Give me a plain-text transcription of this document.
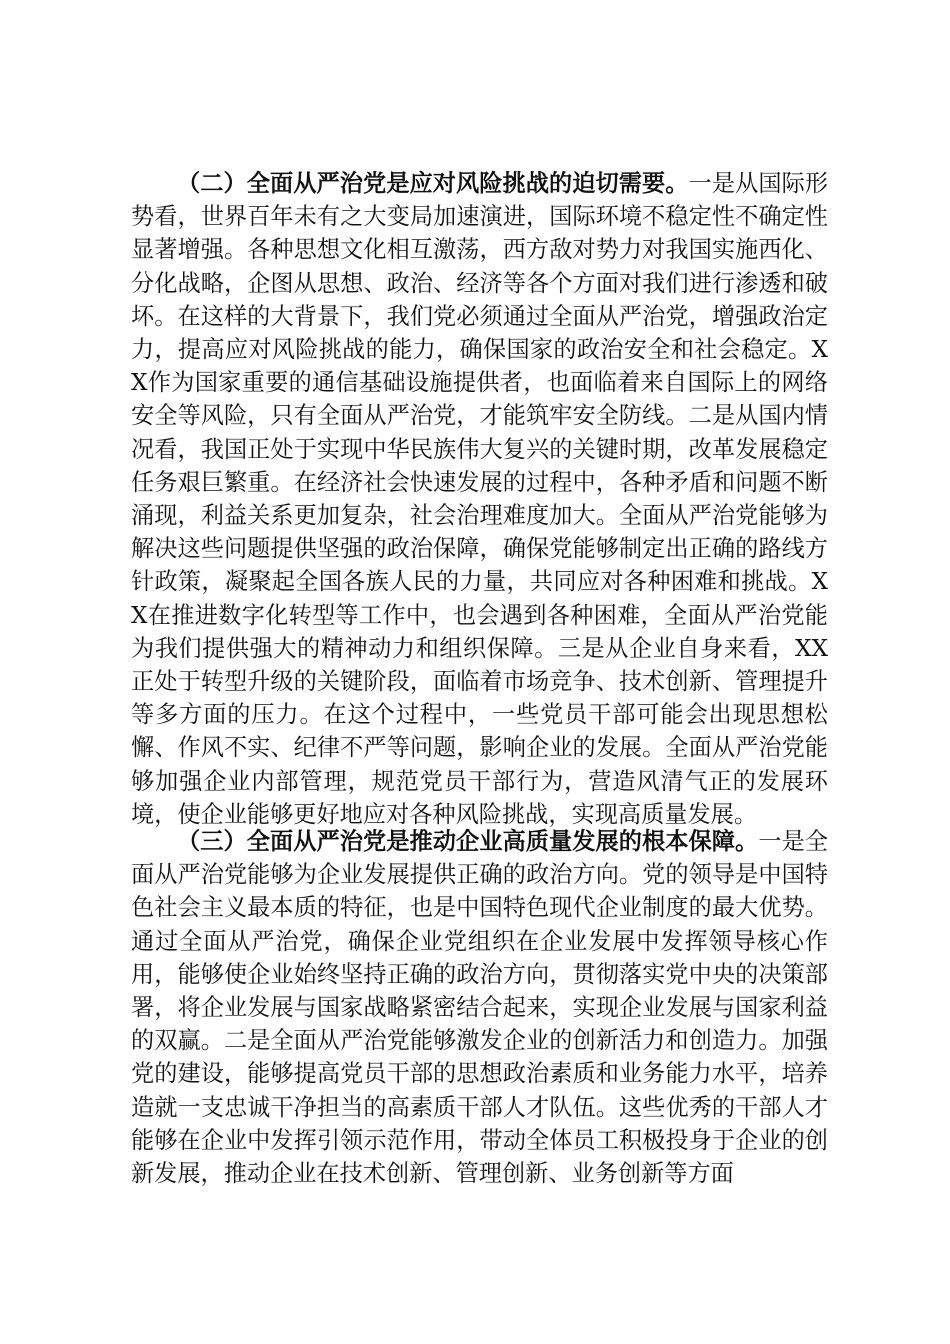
（二）全面从严治党是应对风险挑战的迫切需要。一是从国际形势看，世界百年未有之大变局加速演进，国际环境不稳定性不确定性显著增强。各种思想文化相互激荡，西方敌对势力对我国实施西化、分化战略，企图从思想、政治、经济等各个方面对我们进行渗透和破坏。在这样的大背景下，我们党必须通过全面从严治党，增强政治定力，提高应对风险挑战的能力，确保国家的政治安全和社会稳定。XX作为国家重要的通信基础设施提供者，也面临着来自国际上的网络安全等风险，只有全面从严治党，才能筑牢安全防线。二是从国内情况看，我国正处于实现中华民族伟大复兴的关键时期，改革发展稳定任务艰巨繁重。在经济社会快速发展的过程中，各种矛盾和问题不断涌现，利益关系更加复杂，社会治理难度加大。全面从严治党能够为解决这些问题提供坚强的政治保障，确保党能够制定出正确的路线方针政策，凝聚起全国各族人民的力量，共同应对各种困难和挑战。XX在推进数字化转型等工作中，也会遇到各种困难，全面从严治党能为我们提供强大的精神动力和组织保障。三是从企业自身来看，XX正处于转型升级的关键阶段，面临着市场竞争、技术创新、管理提升等多方面的压力。在这个过程中，一些党员干部可能会出现思想松懈、作风不实、纪律不严等问题，影响企业的发展。全面从严治党能够加强企业内部管理，规范党员干部行为，营造风清气正的发展环境，使企业能够更好地应对各种风险挑战，实现高质量发展。

（三）全面从严治党是推动企业高质量发展的根本保障。一是全面从严治党能够为企业发展提供正确的政治方向。党的领导是中国特色社会主义最本质的特征，也是中国特色现代企业制度的最大优势。通过全面从严治党，确保企业党组织在企业发展中发挥领导核心作用，能够使企业始终坚持正确的政治方向，贯彻落实党中央的决策部署，将企业发展与国家战略紧密结合起来，实现企业发展与国家利益的双赢。二是全面从严治党能够激发企业的创新活力和创造力。加强党的建设，能够提高党员干部的思想政治素质和业务能力水平，培养造就一支忠诚干净担当的高素质干部人才队伍。这些优秀的干部人才能够在企业中发挥引领示范作用，带动全体员工积极投身于企业的创新发展，推动企业在技术创新、管理创新、业务创新等方面
